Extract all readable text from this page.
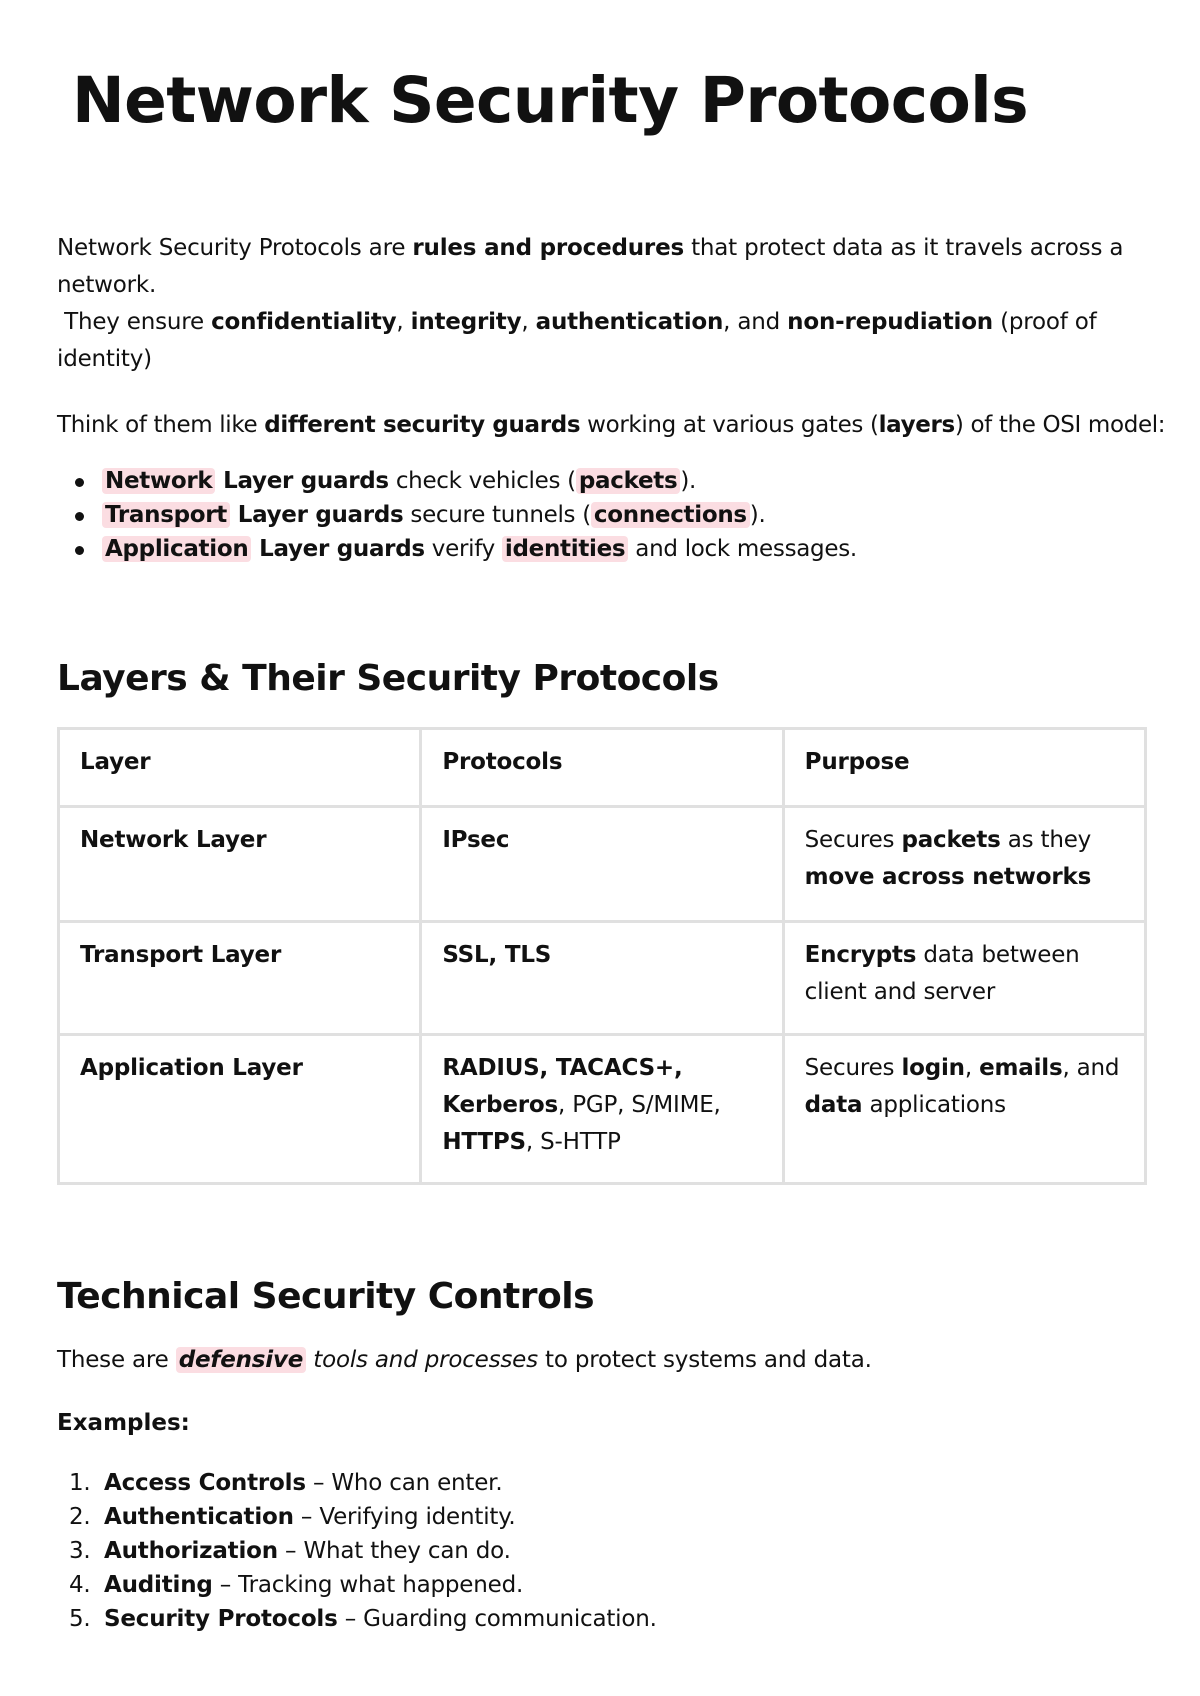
Network Security Protocols

Network Security Protocols are rules and procedures that protect data as it travels across a network.

They ensure confidentiality, integrity, authentication, and non-repudiation (proof of identity)

Think of them like different security guards working at various gates (layers) of the OSI model:

Network Layer guards check vehicles ( packets ).
Transport Layer guards secure tunnels ( connections ).
Application Layer guards verify identities and lock messages.
Layers & Their Security Protocols
Layer	Protocols	Purpose
Network Layer	IPsec	Secures packets as they move across networks
Transport Layer	SSL, TLS	Encrypts data between client and server
Application Layer	RADIUS, TACACS+,
Kerberos, PGP, S/MIME,
HTTPS, S-HTTP	Secures login, emails, and data applications
Technical Security Controls

These are defensive tools and processes to protect systems and data.

Examples:

1. Access Controls – Who can enter.
2. Authentication – Verifying identity.
3. Authorization – What they can do.
4. Auditing – Tracking what happened.
5. Security Protocols – Guarding communication.
